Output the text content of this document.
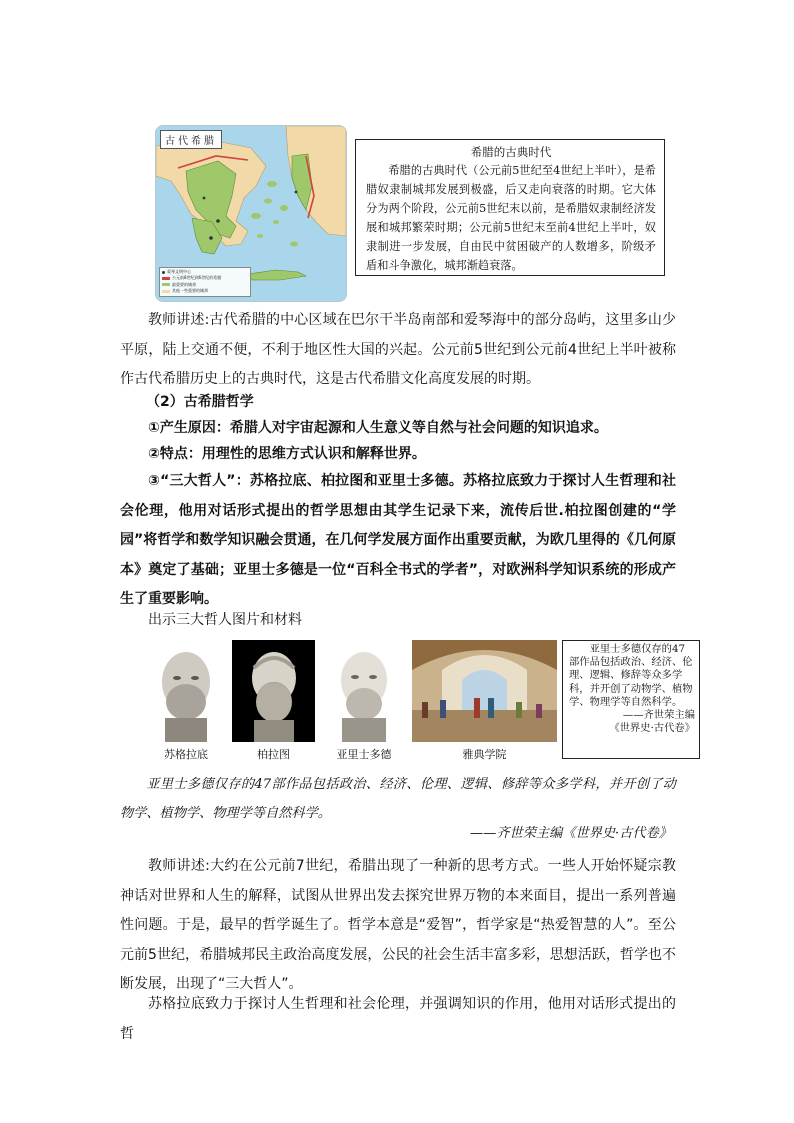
古代希腊
爱琴文明中心
公元前8世纪到6世纪的希腊
最重要的城邦
其他一些重要的城邦
希腊的古典时代
希腊的古典时代（公元前5世纪至4世纪上半叶），是希腊奴隶制城邦发展到极盛，后又走向衰落的时期。它大体分为两个阶段，公元前5世纪末以前，是希腊奴隶制经济发展和城邦繁荣时期；公元前5世纪末至前4世纪上半叶，奴隶制进一步发展，自由民中贫困破产的人数增多，阶级矛盾和斗争激化，城邦渐趋衰落。
教师讲述:古代希腊的中心区域在巴尔干半岛南部和爱琴海中的部分岛屿，这里多山少平原，陆上交通不便，不利于地区性大国的兴起。公元前5世纪到公元前4世纪上半叶被称作古代希腊历史上的古典时代，这是古代希腊文化高度发展的时期。
（2）古希腊哲学
①产生原因：希腊人对宇宙起源和人生意义等自然与社会问题的知识追求。
②特点：用理性的思维方式认识和解释世界。
③“三大哲人”：苏格拉底、柏拉图和亚里士多德。苏格拉底致力于探讨人生哲理和社会伦理，他用对话形式提出的哲学思想由其学生记录下来，流传后世.柏拉图创建的“学园”将哲学和数学知识融会贯通，在几何学发展方面作出重要贡献，为欧几里得的《几何原本》奠定了基础；亚里士多德是一位“百科全书式的学者”，对欧洲科学知识系统的形成产生了重要影响。
出示三大哲人图片和材料
苏格拉底	柏拉图	亚里士多德	雅典学院
亚里士多德仅存的47部作品包括政治、经济、伦理、逻辑、修辞等众多学科，并开创了动物学、植物学、物理学等自然科学。
——齐世荣主编
《世界史·古代卷》
亚里士多德仅存的47部作品包括政治、经济、伦理、逻辑、修辞等众多学科，并开创了动物学、植物学、物理学等自然科学。
——齐世荣主编《世界史·古代卷》
教师讲述:大约在公元前7世纪，希腊出现了一种新的思考方式。一些人开始怀疑宗教神话对世界和人生的解释，试图从世界出发去探究世界万物的本来面目，提出一系列普遍性问题。于是，最早的哲学诞生了。哲学本意是“爱智”，哲学家是“热爱智慧的人”。至公元前5世纪，希腊城邦民主政治高度发展，公民的社会生活丰富多彩，思想活跃，哲学也不断发展，出现了“三大哲人”。
苏格拉底致力于探讨人生哲理和社会伦理，并强调知识的作用，他用对话形式提出的哲
